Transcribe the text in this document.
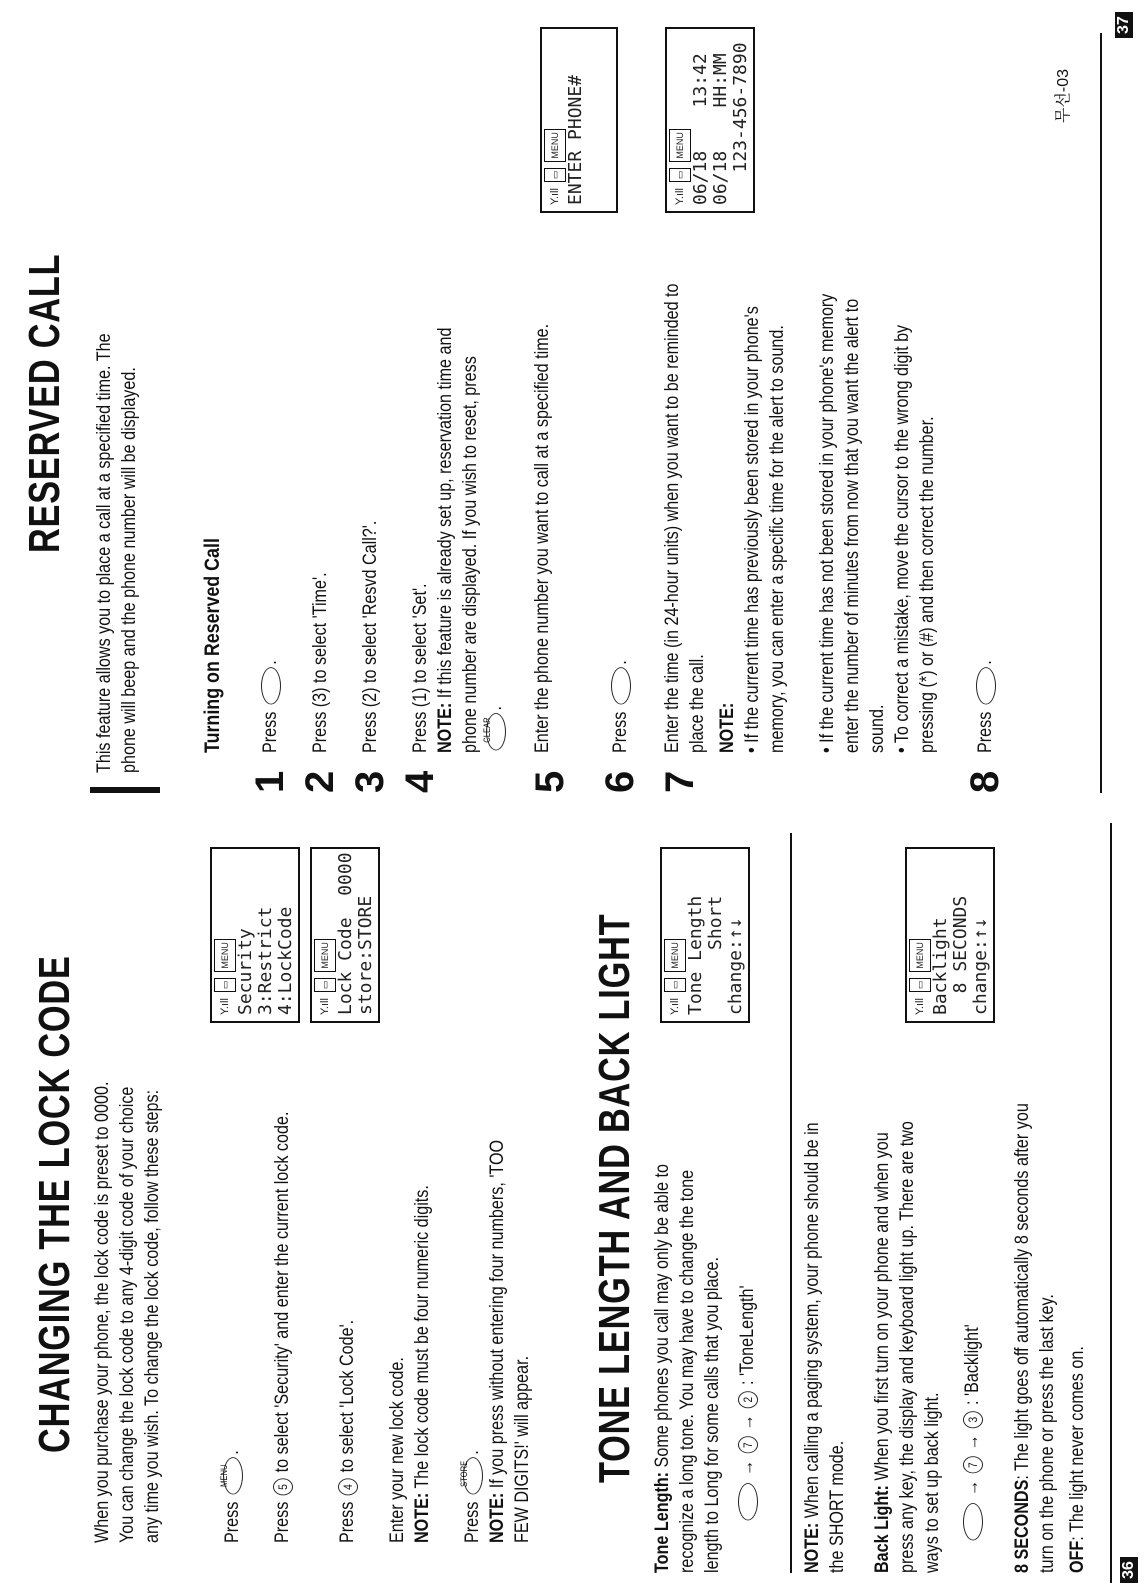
CHANGING THE LOCK CODE When you purchase your phone, the lock code is preset to 0000. You can change the lock code to any 4-digit code of your choice any time you wish. To change the lock code, follow these steps:	Press
MENU
.
Press 5 to select 'Security' and enter the current lock code.
Press 4 to select 'Lock Code'. Enter your new lock code. NOTE: The lock code must be four numeric digits.
Press
STORE
.
NOTE: If you press without entering four numbers, 'TOO FEW DIGITS!' will appear.
Y.ıll
▭
MENU Security 3:Restrict 4:LockCode	Y.ıll
▭
MENU Lock Code  0000 store:STORE	TONE LENGTH AND BACK LIGHT
Tone Length: Some phones you call may only be able to recognize a long tone. You may have to change the tone length to Long for some calls that you place. → 7 → 2 : 'ToneLength'
Y.ıll
▭
MENU Tone Length Short change:↑↓
NOTE: When calling a paging system, your phone should be in the SHORT mode. Back Light: When you first turn on your phone and when you press any key, the display and keyboard light up. There are two ways to set up back light. → 7 → 3 : 'Backlight'
Y.ıll
▭
MENU Backlight 8 SECONDS change:↑↓
8 SECONDS: The light goes off automatically 8 seconds after you turn on the phone or press the last key. OFF: The light never comes on.
36
RESERVED CALL This feature allows you to place a call at a specified time. The phone will beep and the phone number will be displayed.	Turning on Reserved Call
1
Press .
2
Press (3) to select 'Time'.
3
Press (2) to select 'Resvd Call?'.
4
Press (1) to select 'Set'. NOTE: If this feature is already set up, reservation time and phone number are displayed. If you wish to reset, press CLEAR
.
5
Enter the phone number you want to call at a specified time.
6
Press .
7
Enter the time (in 24-hour units) when you want to be reminded to place the call. NOTE: • If the current time has previously been stored in your phone's memory, you can enter a specific time for the alert to sound. • If the current time has not been stored in your phone's memory enter the number of minutes from now that you want the alert to sound. • To correct a mistake, move the cursor to the wrong digit by pressing (*) or (#) and then correct the number.
8
Press .
Y.ıll
▭
MENU ENTER PHONE#	Y.ıll
▭
MENU 06/18    13:42 06/18    HH:MM 123-456-7890	무선-03
37
